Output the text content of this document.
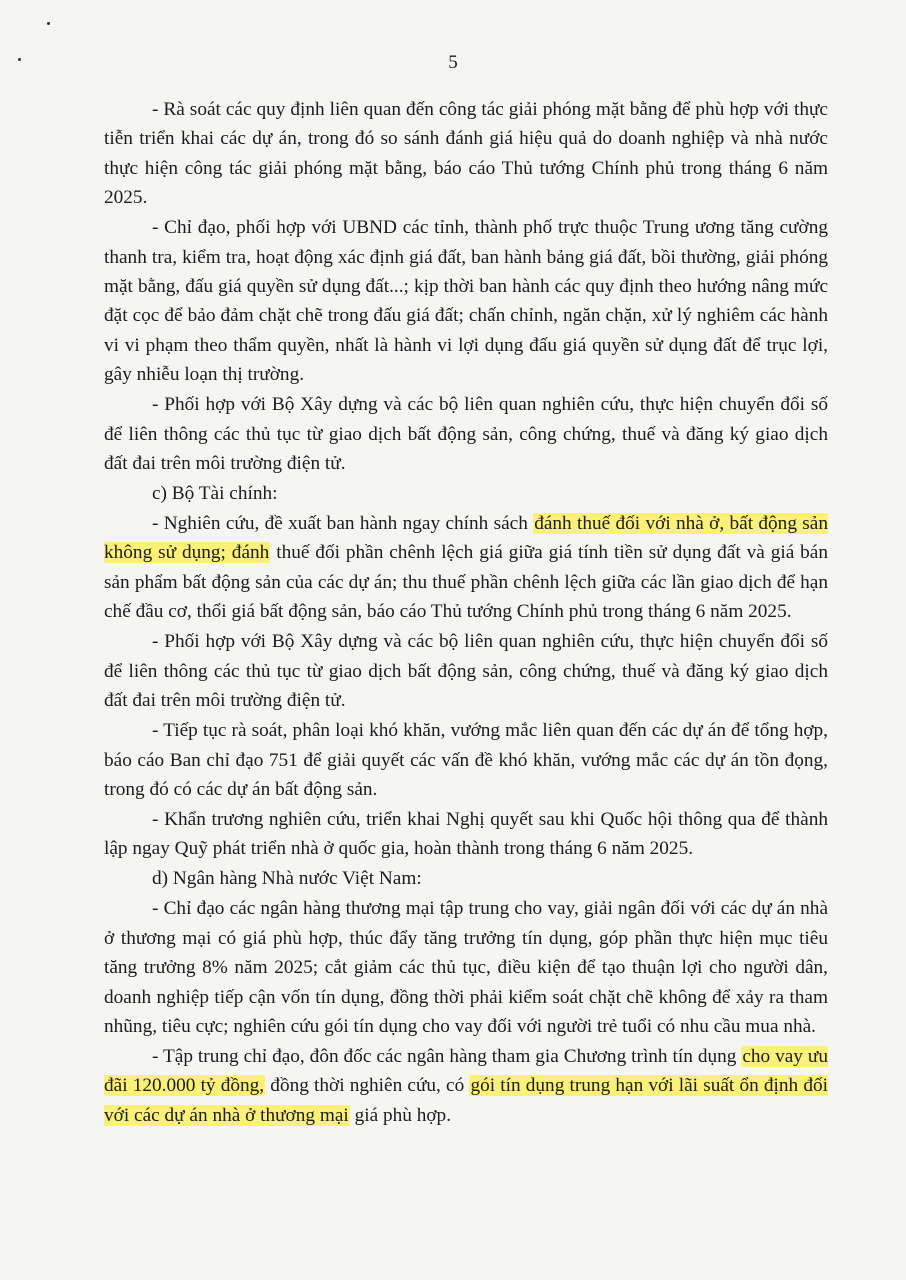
5

- Rà soát các quy định liên quan đến công tác giải phóng mặt bằng để phù hợp với thực tiễn triển khai các dự án, trong đó so sánh đánh giá hiệu quả do doanh nghiệp và nhà nước thực hiện công tác giải phóng mặt bằng, báo cáo Thủ tướng Chính phủ trong tháng 6 năm 2025.

- Chỉ đạo, phối hợp với UBND các tỉnh, thành phố trực thuộc Trung ương tăng cường thanh tra, kiểm tra, hoạt động xác định giá đất, ban hành bảng giá đất, bồi thường, giải phóng mặt bằng, đấu giá quyền sử dụng đất...; kịp thời ban hành các quy định theo hướng nâng mức đặt cọc để bảo đảm chặt chẽ trong đấu giá đất; chấn chỉnh, ngăn chặn, xử lý nghiêm các hành vi vi phạm theo thẩm quyền, nhất là hành vi lợi dụng đấu giá quyền sử dụng đất để trục lợi, gây nhiễu loạn thị trường.

- Phối hợp với Bộ Xây dựng và các bộ liên quan nghiên cứu, thực hiện chuyển đổi số để liên thông các thủ tục từ giao dịch bất động sản, công chứng, thuế và đăng ký giao dịch đất đai trên môi trường điện tử.

c) Bộ Tài chính:

- Nghiên cứu, đề xuất ban hành ngay chính sách đánh thuế đối với nhà ở, bất động sản không sử dụng; đánh thuế đối phần chênh lệch giá giữa giá tính tiền sử dụng đất và giá bán sản phẩm bất động sản của các dự án; thu thuế phần chênh lệch giữa các lần giao dịch để hạn chế đầu cơ, thổi giá bất động sản, báo cáo Thủ tướng Chính phủ trong tháng 6 năm 2025.

- Phối hợp với Bộ Xây dựng và các bộ liên quan nghiên cứu, thực hiện chuyển đổi số để liên thông các thủ tục từ giao dịch bất động sản, công chứng, thuế và đăng ký giao dịch đất đai trên môi trường điện tử.

- Tiếp tục rà soát, phân loại khó khăn, vướng mắc liên quan đến các dự án để tổng hợp, báo cáo Ban chỉ đạo 751 để giải quyết các vấn đề khó khăn, vướng mắc các dự án tồn đọng, trong đó có các dự án bất động sản.

- Khẩn trương nghiên cứu, triển khai Nghị quyết sau khi Quốc hội thông qua để thành lập ngay Quỹ phát triển nhà ở quốc gia, hoàn thành trong tháng 6 năm 2025.

d) Ngân hàng Nhà nước Việt Nam:

- Chỉ đạo các ngân hàng thương mại tập trung cho vay, giải ngân đối với các dự án nhà ở thương mại có giá phù hợp, thúc đẩy tăng trưởng tín dụng, góp phần thực hiện mục tiêu tăng trưởng 8% năm 2025; cắt giảm các thủ tục, điều kiện để tạo thuận lợi cho người dân, doanh nghiệp tiếp cận vốn tín dụng, đồng thời phải kiểm soát chặt chẽ không để xảy ra tham nhũng, tiêu cực; nghiên cứu gói tín dụng cho vay đối với người trẻ tuổi có nhu cầu mua nhà.

- Tập trung chỉ đạo, đôn đốc các ngân hàng tham gia Chương trình tín dụng cho vay ưu đãi 120.000 tỷ đồng, đồng thời nghiên cứu, có gói tín dụng trung hạn với lãi suất ổn định đối với các dự án nhà ở thương mại giá phù hợp.
